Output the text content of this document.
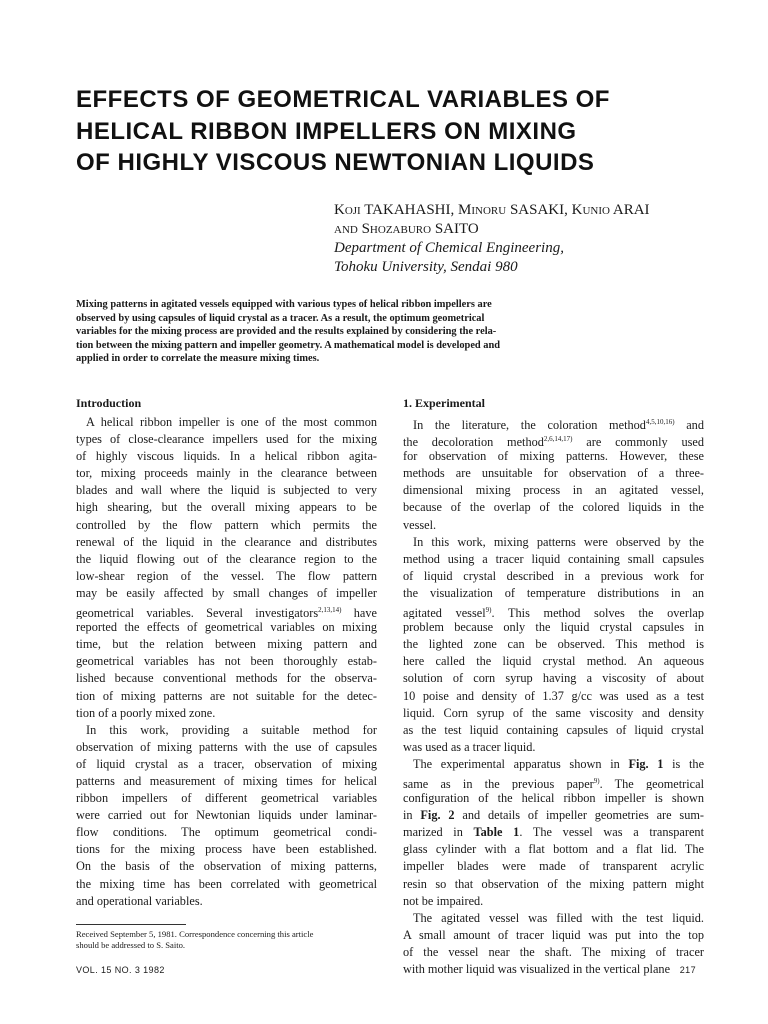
EFFECTS OF GEOMETRICAL VARIABLES OF
HELICAL RIBBON IMPELLERS ON MIXING
OF HIGHLY VISCOUS NEWTONIAN LIQUIDS
Koji TAKAHASHI, Minoru SASAKI, Kunio ARAI
and Shozaburo SAITO
Department of Chemical Engineering,
Tohoku University, Sendai 980
Mixing patterns in agitated vessels equipped with various types of helical ribbon impellers are
observed by using capsules of liquid crystal as a tracer. As a result, the optimum geometrical
variables for the mixing process are provided and the results explained by considering the rela-
tion between the mixing pattern and impeller geometry. A mathematical model is developed and
applied in order to correlate the measure mixing times.
Introduction
A helical ribbon impeller is one of the most common
types of close-clearance impellers used for the mixing
of highly viscous liquids. In a helical ribbon agita-
tor, mixing proceeds mainly in the clearance between
blades and wall where the liquid is subjected to very
high shearing, but the overall mixing appears to be
controlled by the flow pattern which permits the
renewal of the liquid in the clearance and distributes
the liquid flowing out of the clearance region to the
low-shear region of the vessel. The flow pattern
may be easily affected by small changes of impeller
geometrical variables. Several investigators$^{2,13,14)}$ have
reported the effects of geometrical variables on mixing
time, but the relation between mixing pattern and
geometrical variables has not been thoroughly estab-
lished because conventional methods for the observa-
tion of mixing patterns are not suitable for the detec-
tion of a poorly mixed zone.
In this work, providing a suitable method for
observation of mixing patterns with the use of capsules
of liquid crystal as a tracer, observation of mixing
patterns and measurement of mixing times for helical
ribbon impellers of different geometrical variables
were carried out for Newtonian liquids under laminar-
flow conditions. The optimum geometrical condi-
tions for the mixing process have been established.
On the basis of the observation of mixing patterns,
the mixing time has been correlated with geometrical
and operational variables.
1. Experimental
In the literature, the coloration method$^{4,5,10,16)}$ and
the decoloration method$^{2,6,14,17)}$ are commonly used
for observation of mixing patterns. However, these
methods are unsuitable for observation of a three-
dimensional mixing process in an agitated vessel,
because of the overlap of the colored liquids in the
vessel.
In this work, mixing patterns were observed by the
method using a tracer liquid containing small capsules
of liquid crystal described in a previous work for
the visualization of temperature distributions in an
agitated vessel$^{9)}$. This method solves the overlap
problem because only the liquid crystal capsules in
the lighted zone can be observed. This method is
here called the liquid crystal method. An aqueous
solution of corn syrup having a viscosity of about
10 poise and density of 1.37 g/cc was used as a test
liquid. Corn syrup of the same viscosity and density
as the test liquid containing capsules of liquid crystal
was used as a tracer liquid.
The experimental apparatus shown in Fig. 1 is the
same as in the previous paper$^{9)}$. The geometrical
configuration of the helical ribbon impeller is shown
in Fig. 2 and details of impeller geometries are sum-
marized in Table 1. The vessel was a transparent
glass cylinder with a flat bottom and a flat lid. The
impeller blades were made of transparent acrylic
resin so that observation of the mixing pattern might
not be impaired.
The agitated vessel was filled with the test liquid.
A small amount of tracer liquid was put into the top
of the vessel near the shaft. The mixing of tracer
with mother liquid was visualized in the vertical plane
Received September 5, 1981. Correspondence concerning this article
should be addressed to S. Saito.
VOL. 15 NO. 3 1982	217
